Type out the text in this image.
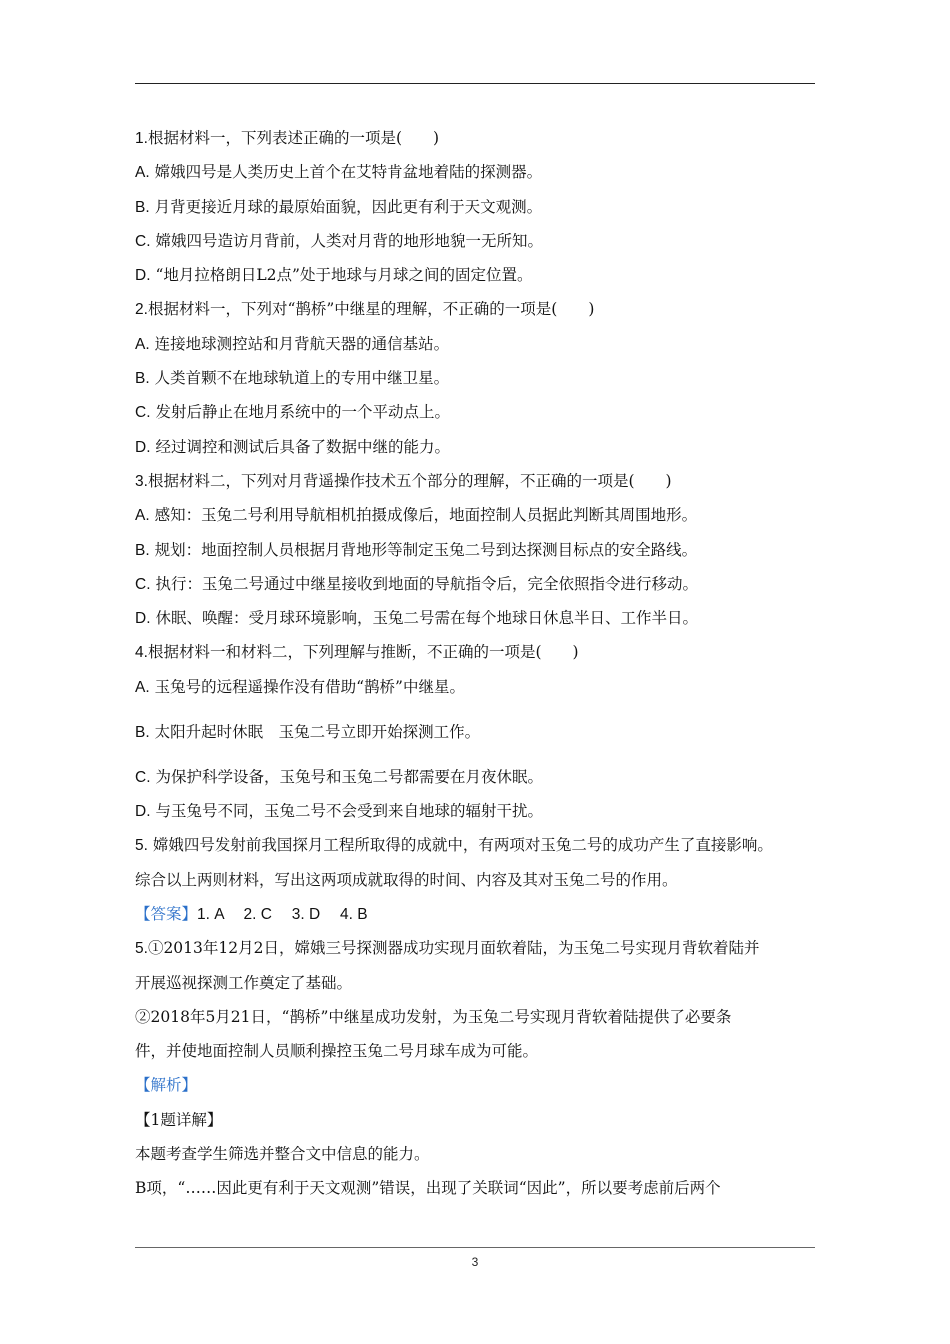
1.根据材料一，下列表述正确的一项是(　　)
A. 嫦娥四号是人类历史上首个在艾特肯盆地着陆的探测器。
B. 月背更接近月球的最原始面貌，因此更有利于天文观测。
C. 嫦娥四号造访月背前，人类对月背的地形地貌一无所知。
D. “地月拉格朗日L2点”处于地球与月球之间的固定位置。
2.根据材料一，下列对“鹊桥”中继星的理解，不正确的一项是(　　)
A. 连接地球测控站和月背航天器的通信基站。
B. 人类首颗不在地球轨道上的专用中继卫星。
C. 发射后静止在地月系统中的一个平动点上。
D. 经过调控和测试后具备了数据中继的能力。
3.根据材料二，下列对月背遥操作技术五个部分的理解，不正确的一项是(　　)
A. 感知：玉兔二号利用导航相机拍摄成像后，地面控制人员据此判断其周围地形。
B. 规划：地面控制人员根据月背地形等制定玉兔二号到达探测目标点的安全路线。
C. 执行：玉兔二号通过中继星接收到地面的导航指令后，完全依照指令进行移动。
D. 休眠、唤醒：受月球环境影响，玉兔二号需在每个地球日休息半日、工作半日。
4.根据材料一和材料二，下列理解与推断，不正确的一项是(　　)
A. 玉兔号的远程遥操作没有借助“鹊桥”中继星。
B. 太阳升起时休眠　玉兔二号立即开始探测工作。
C. 为保护科学设备，玉兔号和玉兔二号都需要在月夜休眠。
D. 与玉兔号不同，玉兔二号不会受到来自地球的辐射干扰。
5. 嫦娥四号发射前我国探月工程所取得的成就中，有两项对玉兔二号的成功产生了直接影响。
综合以上两则材料，写出这两项成就取得的时间、内容及其对玉兔二号的作用。
【答案】1. A　 2. C　 3. D　 4. B
5.①2013年12月2日，嫦娥三号探测器成功实现月面软着陆，为玉兔二号实现月背软着陆并
开展巡视探测工作奠定了基础。
②2018年5月21日，“鹊桥”中继星成功发射，为玉兔二号实现月背软着陆提供了必要条
件，并使地面控制人员顺利操控玉兔二号月球车成为可能。
【解析】
【1题详解】
本题考查学生筛选并整合文中信息的能力。
B项，“……因此更有利于天文观测”错误，出现了关联词“因此”，所以要考虑前后两个
3
